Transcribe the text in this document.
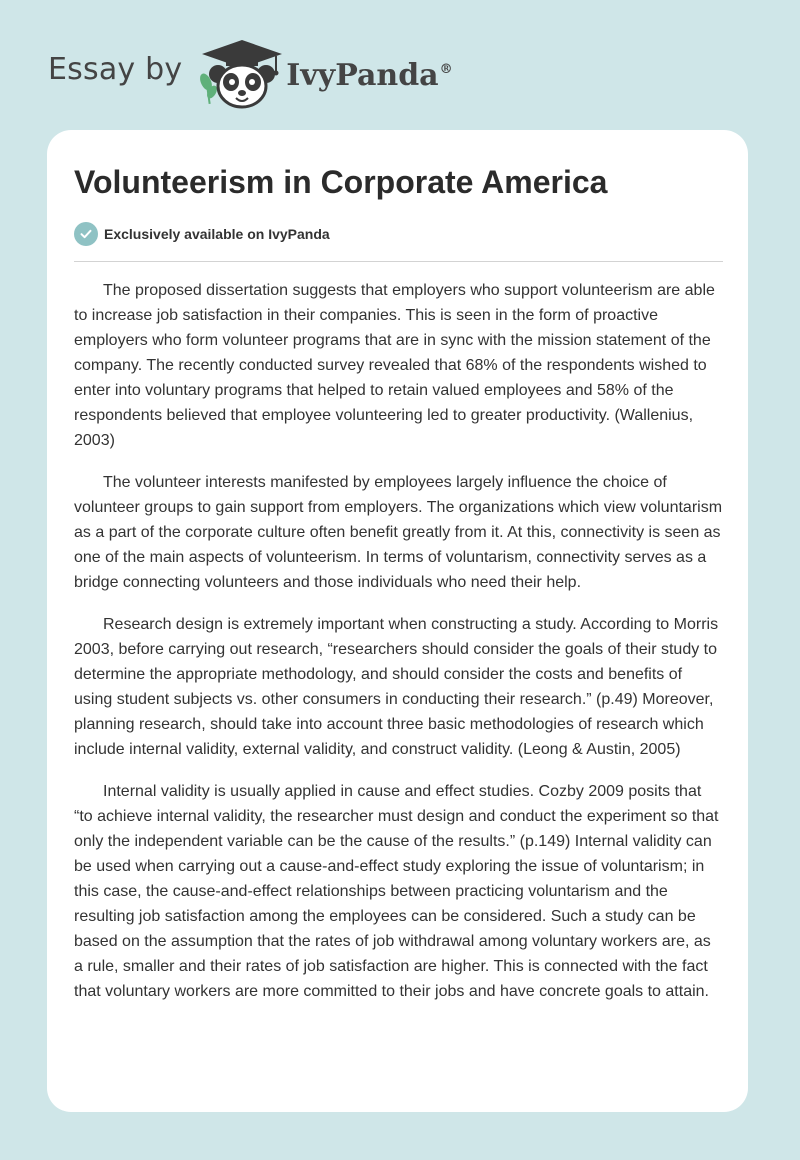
Essay by	IvyPanda®
Volunteerism in Corporate America
Exclusively available on IvyPanda

The proposed dissertation suggests that employers who support volunteerism are able to increase job satisfaction in their companies. This is seen in the form of proactive employers who form volunteer programs that are in sync with the mission statement of the company. The recently conducted survey revealed that 68% of the respondents wished to enter into voluntary programs that helped to retain valued employees and 58% of the respondents believed that employee volunteering led to greater productivity. (Wallenius, 2003)

The volunteer interests manifested by employees largely influence the choice of volunteer groups to gain support from employers. The organizations which view voluntarism as a part of the corporate culture often benefit greatly from it. At this, connectivity is seen as one of the main aspects of volunteerism. In terms of voluntarism, connectivity serves as a bridge connecting volunteers and those individuals who need their help.

Research design is extremely important when constructing a study. According to Morris 2003, before carrying out research, “researchers should consider the goals of their study to determine the appropriate methodology, and should consider the costs and benefits of using student subjects vs. other consumers in conducting their research.” (p.49) Moreover, planning research, should take into account three basic methodologies of research which include internal validity, external validity, and construct validity. (Leong & Austin, 2005)

Internal validity is usually applied in cause and effect studies. Cozby 2009 posits that “to achieve internal validity, the researcher must design and conduct the experiment so that only the independent variable can be the cause of the results.” (p.149) Internal validity can be used when carrying out a cause-and-effect study exploring the issue of voluntarism; in this case, the cause-and-effect relationships between practicing voluntarism and the resulting job satisfaction among the employees can be considered. Such a study can be based on the assumption that the rates of job withdrawal among voluntary workers are, as a rule, smaller and their rates of job satisfaction are higher. This is connected with the fact that voluntary workers are more committed to their jobs and have concrete goals to attain.
